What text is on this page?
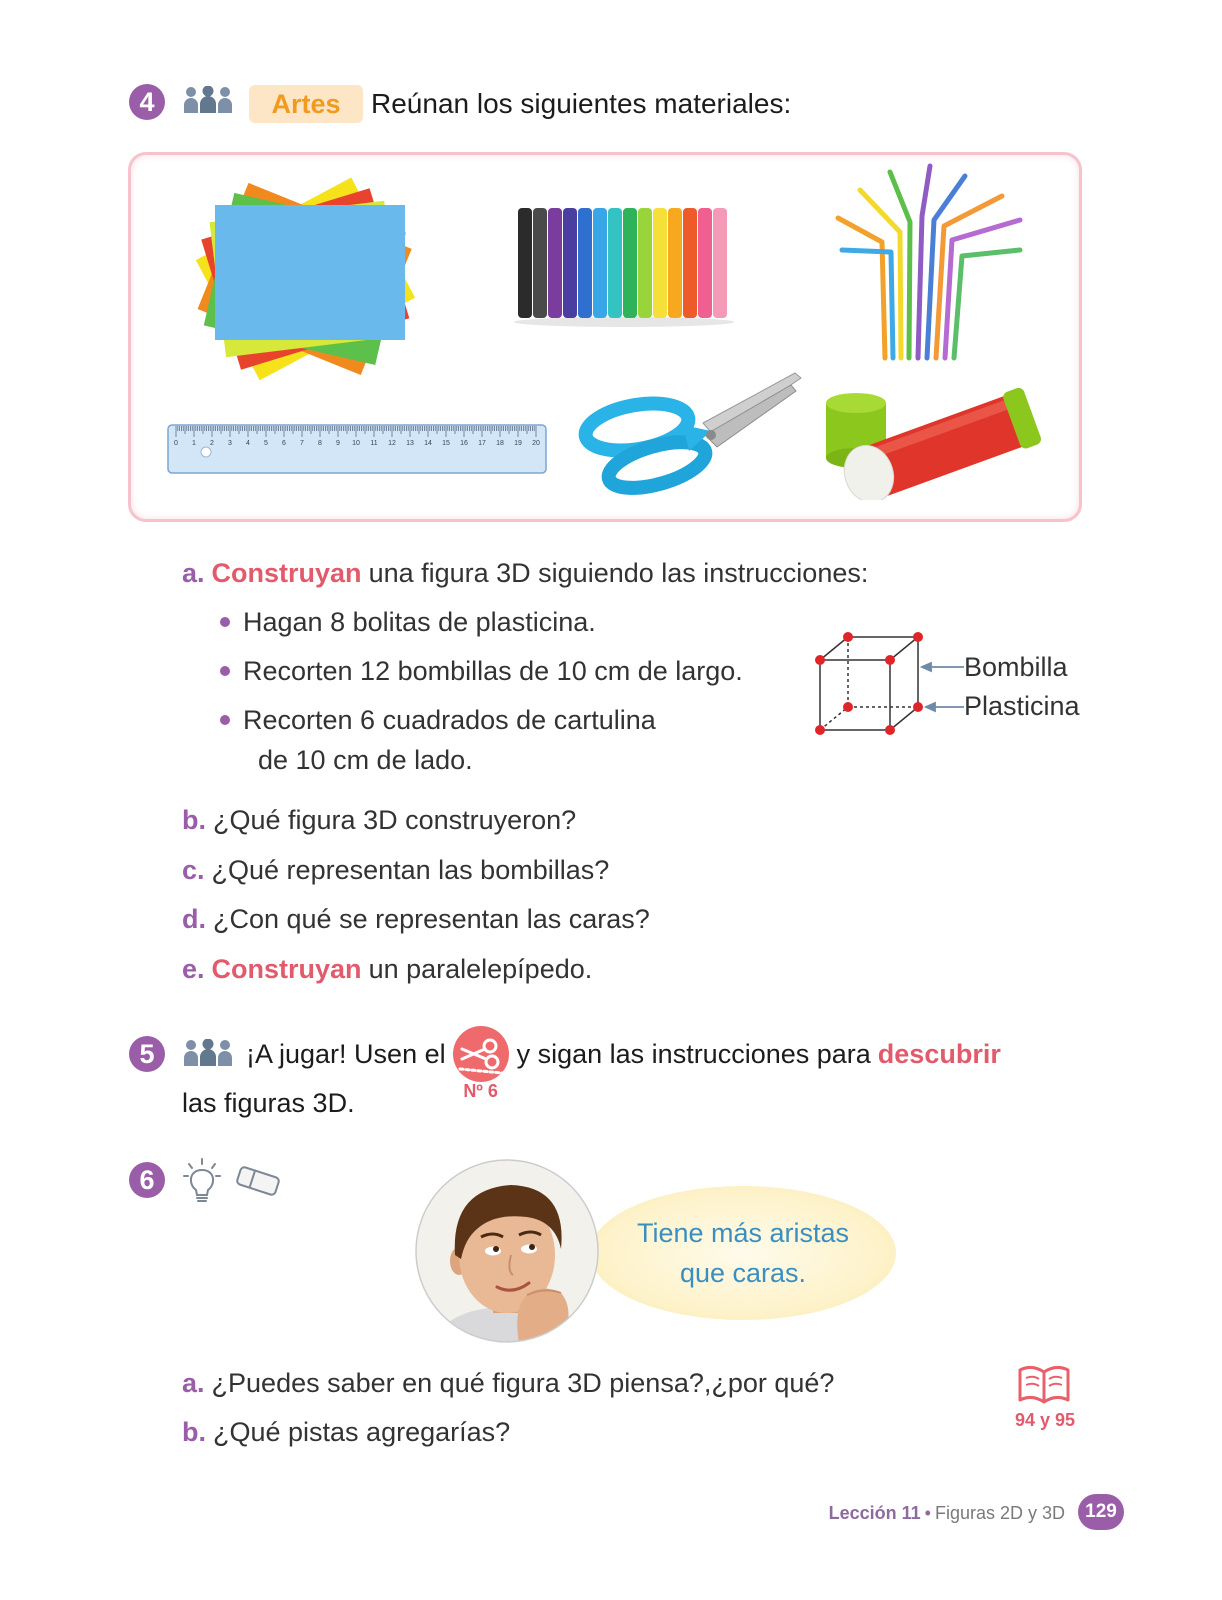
4	Artes	Reúnan los siguientes materiales:
0 1 2 3 4 5 6 7 8 9 10 11 12 13 14 15 16 17 18 19 20
a. Construyan una figura 3D siguiendo las instrucciones:
Hagan 8 bolitas de plasticina.
Recorten 12 bombillas de 10 cm de largo.
Recorten 6 cuadrados de cartulina
de 10 cm de lado.
Bombilla
Plasticina
b. ¿Qué figura 3D construyeron?
c. ¿Qué representan las bombillas?
d. ¿Con qué se representan las caras?
e. Construyan un paralelepípedo.
5	¡A jugar! Usen el
Nº 6
y sigan las instrucciones para descubrir
las figuras 3D.
6
Tiene más aristas
que caras.
a. ¿Puedes saber en qué figura 3D piensa?,¿por qué?
b. ¿Qué pistas agregarías?	94 y 95
Lección 11 • Figuras 2D y 3D	129
